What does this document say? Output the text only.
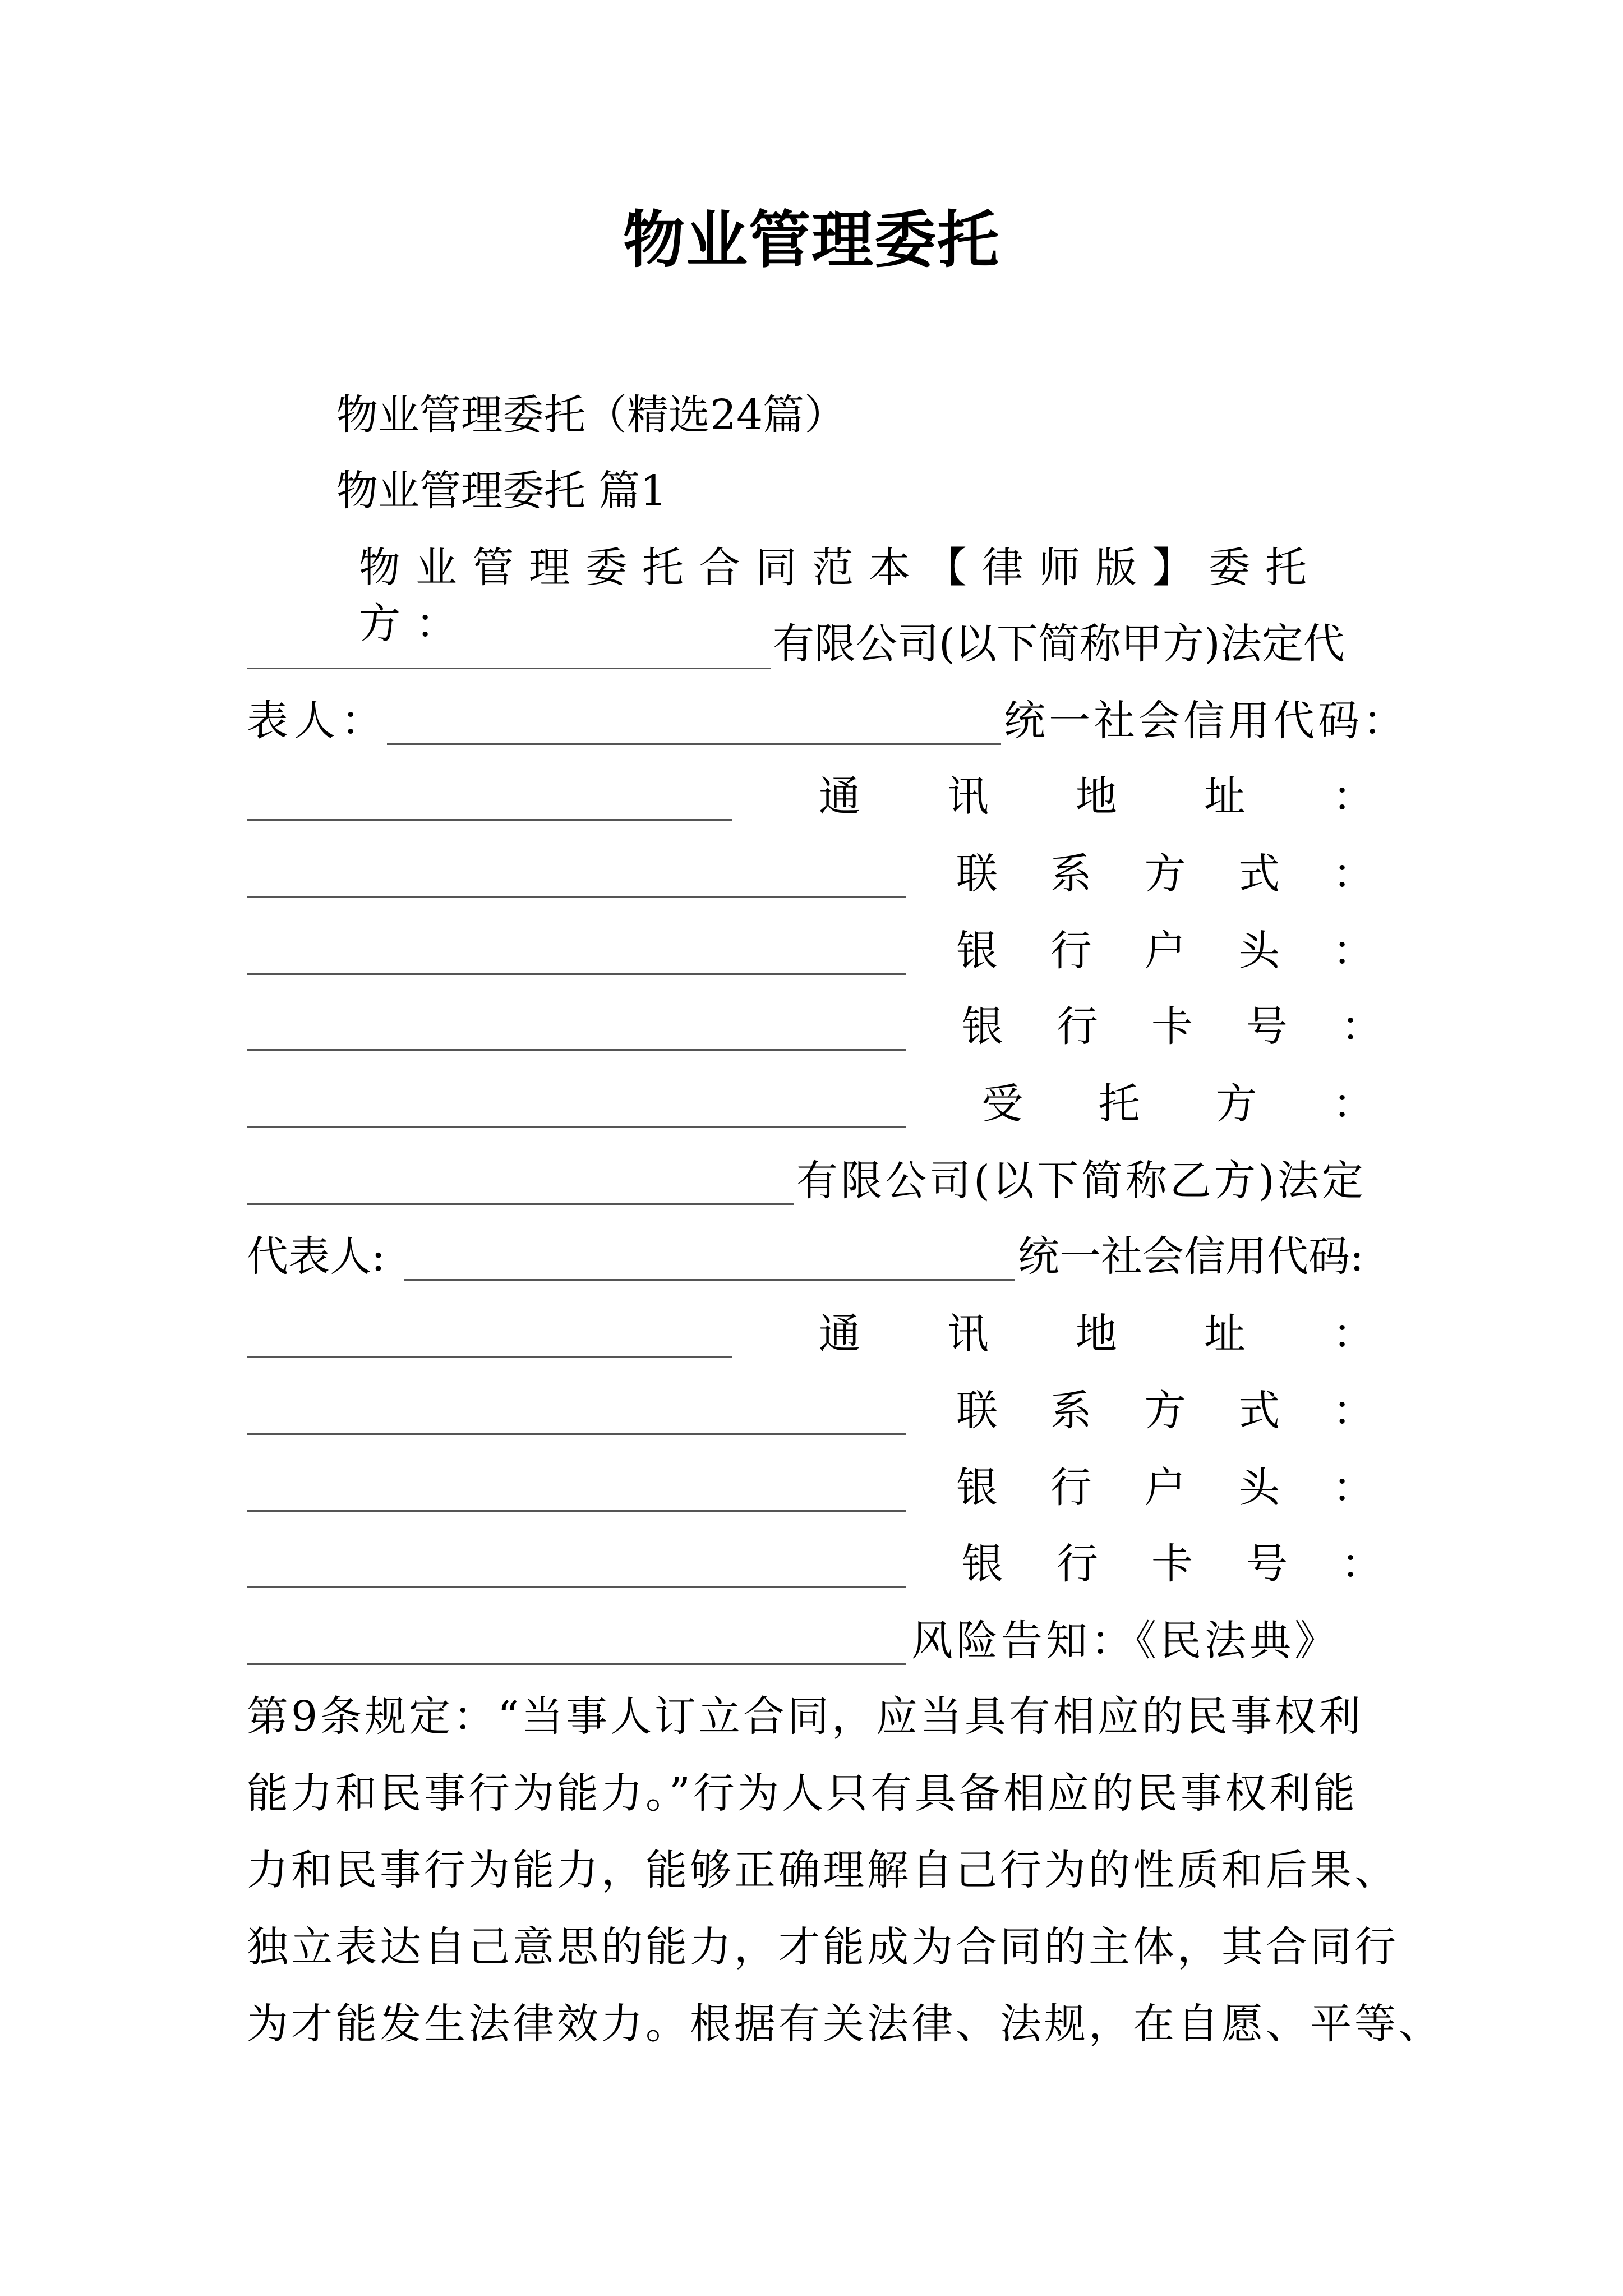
物业管理委托
物业管理委托（精选24篇）
物业管理委托 篇1
物业管理委托合同范本【律师版】委托方：	有限公司(以下简称甲方)法定代
表人：	统一社会信用代码：
通 讯 地 址 ：
联 系 方 式 ：
银 行 户 头 ：
银 行 卡 号 ：
受 托 方 ：
有限公司(以下简称乙方)法定
代表人:	统一社会信用代码:
通 讯 地 址 ：
联 系 方 式 ：
银 行 户 头 ：
银 行 卡 号 ：
风险告知：《民法典》
第9条规定：“当事人订立合同，应当具有相应的民事权利
能力和民事行为能力。”行为人只有具备相应的民事权利能
力和民事行为能力，能够正确理解自己行为的性质和后果、
独立表达自己意思的能力，才能成为合同的主体，其合同行
为才能发生法律效力。根据有关法律、法规，在自愿、平等、
